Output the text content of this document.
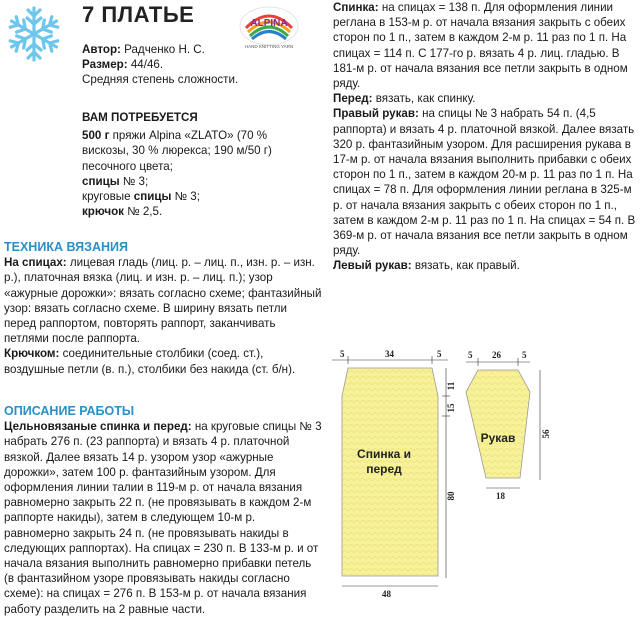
7 ПЛАТЬЕ	ALPINA
HAND KNITTING YARN

Автор: Радченко Н. С.

Размер: 44/46.

Средняя степень сложности.

ВАМ ПОТРЕБУЕТСЯ

500 г пряжи Alpina «ZLATO» (70 % вискозы, 30 % люрекса; 190 м/50 г) песочного цвета;

спицы № 3;

круговые спицы № 3;

крючок № 2,5.

ТЕХНИКА ВЯЗАНИЯ

На спицах: лицевая гладь (лиц. р. – лиц. п., изн. р. – изн. р.), платочная вязка (лиц. и изн. р. – лиц. п.); узор «ажурные дорожки»: вязать согласно схеме; фантазийный узор: вязать согласно схеме. В ширину вязать петли перед раппортом, повторять раппорт, заканчивать петлями после раппорта.

Крючком: соединительные столбики (соед. ст.), воздушные петли (в. п.), столбики без накида (ст. б/н).

ОПИСАНИЕ РАБОТЫ

Цельновязаные спинка и перед: на круговые спицы № 3 набрать 276 п. (23 раппорта) и вязать 4 р. платочной вязкой. Далее вязать 14 р. узором узор «ажурные дорожки», затем 100 р. фантазийным узором. Для оформления линии талии в 119-м р. от начала вязания равномерно закрыть 22 п. (не провязывать в каждом 2-м раппорте накиды), затем в следующем 10-м р. равномерно закрыть 24 п. (не провязывать накиды в следующих раппортах). На спицах = 230 п. В 133-м р. и от начала вязания выполнить равномерно прибавки петель (в фантазийном узоре провязывать накиды согласно схеме): на спицах = 276 п. В 153-м р. от начала вязания работу разделить на 2 равные части.

Спинка: на спицах = 138 п. Для оформления линии реглана в 153-м р. от начала вязания закрыть с обеих сторон по 1 п., затем в каждом 2-м р. 11 раз по 1 п. На спицах = 114 п. С 177-го р. вязать 4 р. лиц. гладью. В 181-м р. от начала вязания все петли закрыть в одном ряду.

Перед: вязать, как спинку.

Правый рукав: на спицы № 3 набрать 54 п. (4,5 раппорта) и вязать 4 р. платочной вязкой. Далее вязать 320 р. фантазийным узором. Для расширения рукава в 17-м р. от начала вязания выполнить прибавки с обеих сторон по 1 п., затем в каждом 20-м р. 11 раз по 1 п. На спицах = 78 п. Для оформления линии реглана в 325-м р. от начала вязания закрыть с обеих сторон по 1 п., затем в каждом 2-м р. 11 раз по 1 п. На спицах = 54 п. В 369-м р. от начала вязания все петли закрыть в одном ряду.

Левый рукав: вязать, как правый.

5	34	5
11
15
80
48
Спинка и
перед
5 26 5
56
18
Рукав
